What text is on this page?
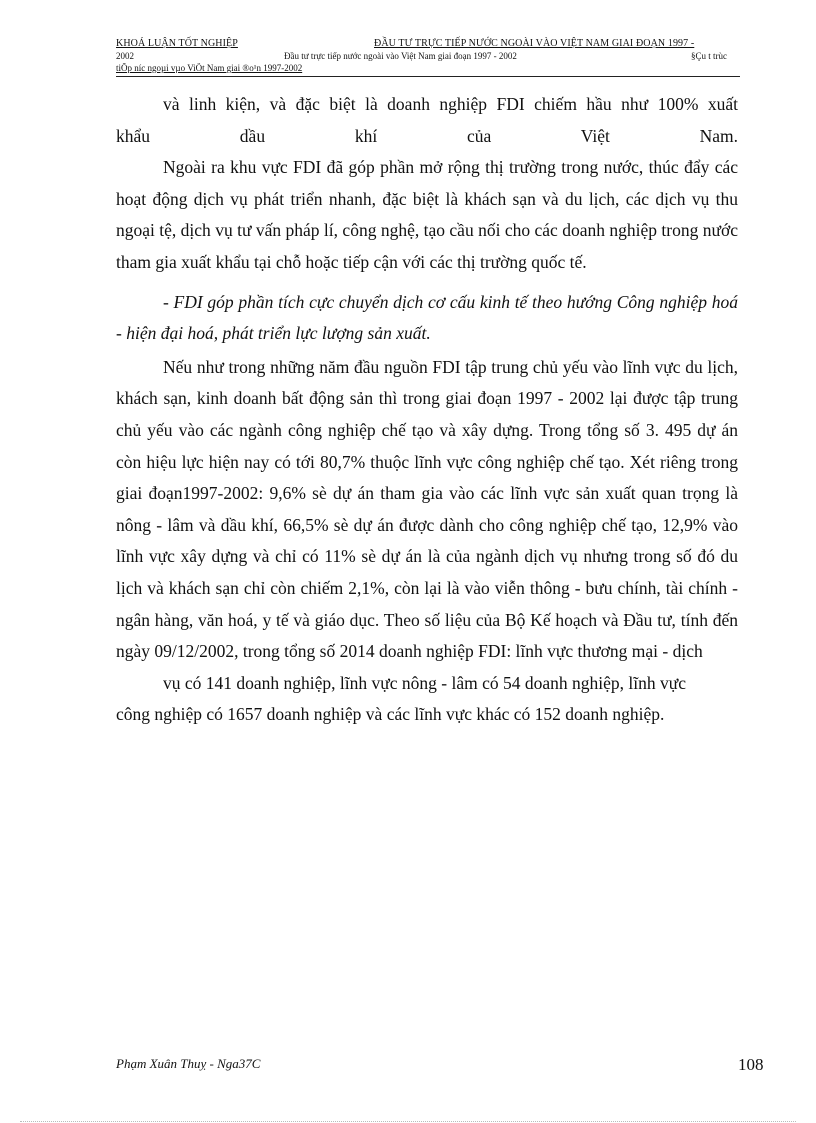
KHOÁ LUẬN TỐT NGHIỆP	ĐẦU TƯ TRỰC TIẾP NƯỚC NGOÀI VÀO VIỆT NAM GIAI ĐOẠN 1997 -
2002	Đầu tư trực tiếp nước ngoài vào Việt Nam giai đoạn 1997 - 2002	§Çu t trùc
tiÕp níc ngoµi vµo ViÖt Nam giai ®o¹n 1997-2002

và linh kiện, và đặc biệt là doanh nghiệp FDI chiếm hầu như 100% xuất

khẩu dầu khí của Việt Nam.

Ngoài ra khu vực FDI đã góp phần mở rộng thị trường trong nước, thúc đẩy các hoạt động dịch vụ phát triển nhanh, đặc biệt là khách sạn và du lịch, các dịch vụ thu ngoại tệ, dịch vụ tư vấn pháp lí, công nghệ, tạo cầu nối cho các doanh nghiệp trong nước tham gia xuất khẩu tại chỗ hoặc tiếp cận với các thị trường quốc tế.

- FDI góp phần tích cực chuyển dịch cơ cấu kinh tế theo hướng Công nghiệp hoá - hiện đại hoá, phát triển lực lượng sản xuất.

Nếu như trong những năm đầu nguồn FDI tập trung chủ yếu vào lĩnh vực du lịch, khách sạn, kinh doanh bất động sản thì trong giai đoạn 1997 - 2002 lại được tập trung chủ yếu vào các ngành công nghiệp chế tạo và xây dựng. Trong tổng số 3. 495 dự án còn hiệu lực hiện nay có tới 80,7% thuộc lĩnh vực công nghiệp chế tạo. Xét riêng trong giai đoạn1997-2002: 9,6% sè dự án tham gia vào các lĩnh vực sản xuất quan trọng là nông - lâm và dầu khí, 66,5% sè dự án được dành cho công nghiệp chế tạo, 12,9% vào lĩnh vực xây dựng và chỉ có 11% sè dự án là của ngành dịch vụ nhưng trong số đó du lịch và khách sạn chỉ còn chiếm 2,1%, còn lại là vào viễn thông - bưu chính, tài chính - ngân hàng, văn hoá, y tế và giáo dục. Theo số liệu của Bộ Kế hoạch và Đầu tư, tính đến ngày 09/12/2002, trong tổng số 2014 doanh nghiệp FDI: lĩnh vực thương mại - dịch

vụ có 141 doanh nghiệp, lĩnh vực nông - lâm có 54 doanh nghiệp, lĩnh vực

công nghiệp có 1657 doanh nghiệp và các lĩnh vực khác có 152 doanh nghiệp.

Phạm Xuân Thuỵ - Nga37C	108
